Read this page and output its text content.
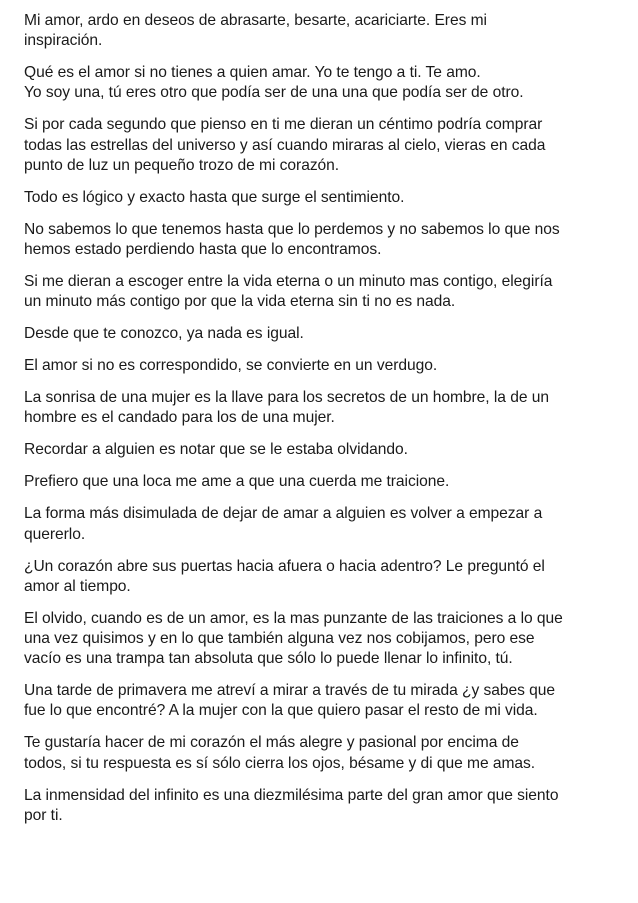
Mi amor, ardo en deseos de abrasarte, besarte, acariciarte. Eres mi
inspiración.

Qué es el amor si no tienes a quien amar. Yo te tengo a ti. Te amo.
Yo soy una, tú eres otro que podía ser de una una que podía ser de otro.

Si por cada segundo que pienso en ti me dieran un céntimo podría comprar
todas las estrellas del universo y así cuando miraras al cielo, vieras en cada
punto de luz un pequeño trozo de mi corazón.

Todo es lógico y exacto hasta que surge el sentimiento.

No sabemos lo que tenemos hasta que lo perdemos y no sabemos lo que nos
hemos estado perdiendo hasta que lo encontramos.

Si me dieran a escoger entre la vida eterna o un minuto mas contigo, elegiría
un minuto más contigo por que la vida eterna sin ti no es nada.

Desde que te conozco, ya nada es igual.

El amor si no es correspondido, se convierte en un verdugo.

La sonrisa de una mujer es la llave para los secretos de un hombre, la de un
hombre es el candado para los de una mujer.

Recordar a alguien es notar que se le estaba olvidando.

Prefiero que una loca me ame a que una cuerda me traicione.

La forma más disimulada de dejar de amar a alguien es volver a empezar a
quererlo.

¿Un corazón abre sus puertas hacia afuera o hacia adentro? Le preguntó el
amor al tiempo.

El olvido, cuando es de un amor, es la mas punzante de las traiciones a lo que
una vez quisimos y en lo que también alguna vez nos cobijamos, pero ese
vacío es una trampa tan absoluta que sólo lo puede llenar lo infinito, tú.

Una tarde de primavera me atreví a mirar a través de tu mirada ¿y sabes que
fue lo que encontré? A la mujer con la que quiero pasar el resto de mi vida.

Te gustaría hacer de mi corazón el más alegre y pasional por encima de
todos, si tu respuesta es sí sólo cierra los ojos, bésame y di que me amas.

La inmensidad del infinito es una diezmilésima parte del gran amor que siento
por ti.
